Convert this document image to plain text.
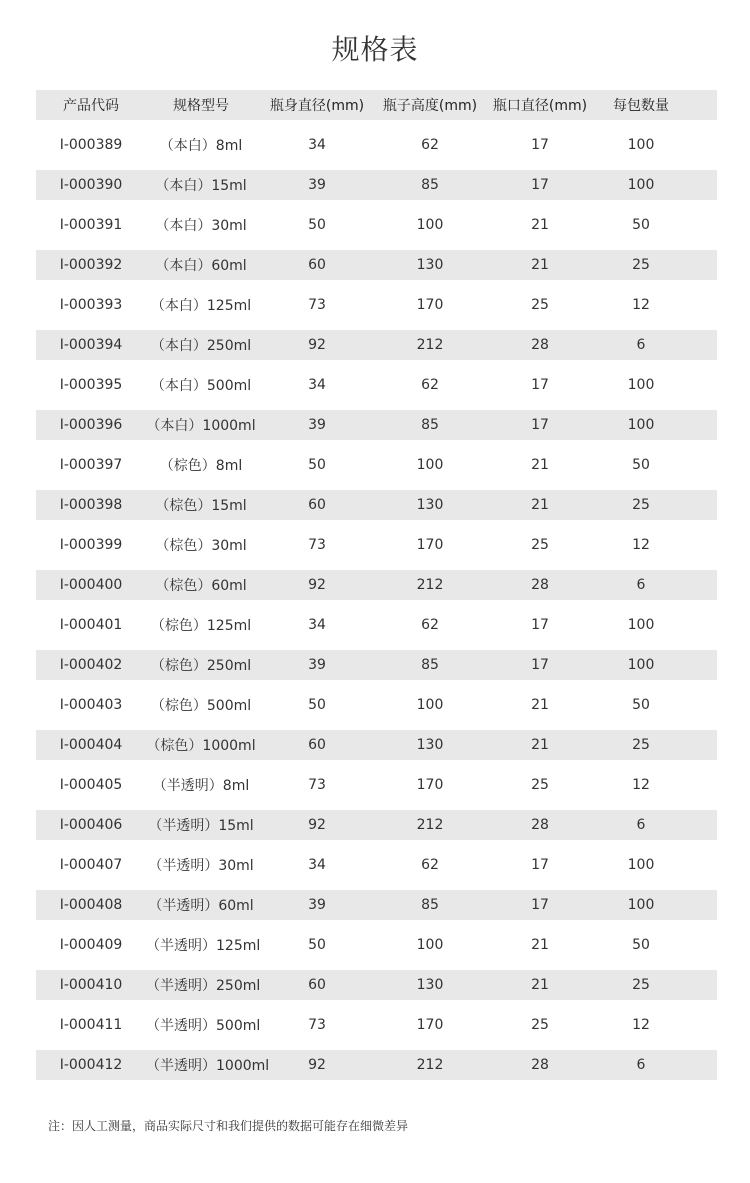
规格表
产品代码	规格型号	瓶身直径(mm)	瓶子高度(mm)	瓶口直径(mm)	每包数量
I-000389	（本白）8ml	34	62	17	100
I-000390	（本白）15ml	39	85	17	100
I-000391	（本白）30ml	50	100	21	50
I-000392	（本白）60ml	60	130	21	25
I-000393	（本白）125ml	73	170	25	12
I-000394	（本白）250ml	92	212	28	6
I-000395	（本白）500ml	34	62	17	100
I-000396	（本白）1000ml	39	85	17	100
I-000397	（棕色）8ml	50	100	21	50
I-000398	（棕色）15ml	60	130	21	25
I-000399	（棕色）30ml	73	170	25	12
I-000400	（棕色）60ml	92	212	28	6
I-000401	（棕色）125ml	34	62	17	100
I-000402	（棕色）250ml	39	85	17	100
I-000403	（棕色）500ml	50	100	21	50
I-000404	（棕色）1000ml	60	130	21	25
I-000405	（半透明）8ml	73	170	25	12
I-000406	（半透明）15ml	92	212	28	6
I-000407	（半透明）30ml	34	62	17	100
I-000408	（半透明）60ml	39	85	17	100
I-000409	（半透明）125ml	50	100	21	50
I-000410	（半透明）250ml	60	130	21	25
I-000411	（半透明）500ml	73	170	25	12
I-000412	（半透明）1000ml	92	212	28	6
注：因人工测量，商品实际尺寸和我们提供的数据可能存在细微差异
